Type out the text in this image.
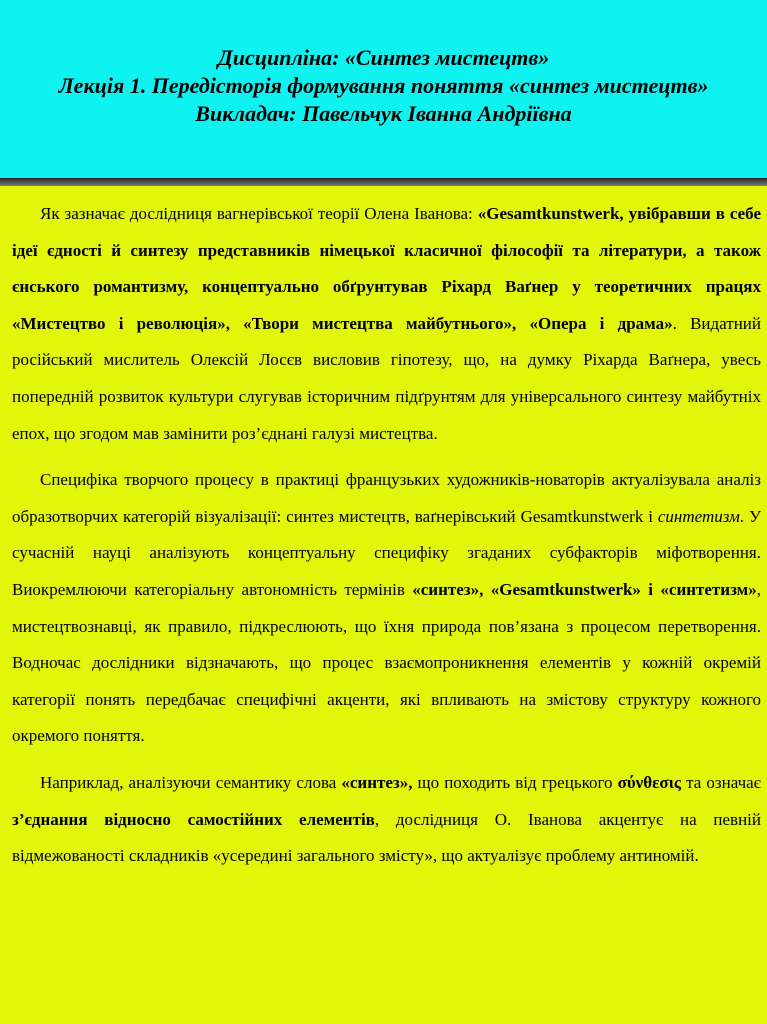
Дисципліна: «Синтез мистецтв»
Лекція 1. Передісторія формування поняття «синтез мистецтв»
Викладач: Павельчук Іванна Андріївна

Як зазначає дослідниця вагнерівської теорії Олена Іванова: «Gesamtkunstwerk, увібравши в себе ідеї єдності й синтезу представників німецької класичної філософії та літератури, а також єнського романтизму, концептуально обґрунтував Ріхард Ваґнер у теоретичних працях «Мистецтво і революція», «Твори мистецтва майбутнього», «Опера і драма». Видатний російський мислитель Олексій Лосєв висловив гіпотезу, що, на думку Ріхарда Ваґнера, увесь попередній розвиток культури слугував історичним підґрунтям для універсального синтезу майбутніх епох, що згодом мав замінити роз’єднані галузі мистецтва.

Специфіка творчого процесу в практиці французьких художників-новаторів актуалізувала аналіз образотворчих категорій візуалізації: синтез мистецтв, ваґнерівський Gesamtkunstwerk і синтетизм. У сучасній науці аналізують концептуальну специфіку згаданих субфакторів міфотворення. Виокремлюючи категоріальну автономність термінів «синтез», «Gesamtkunstwerk» і «синтетизм», мистецтвознавці, як правило, підкреслюють, що їхня природа пов’язана з процесом перетворення. Водночас дослідники відзначають, що процес взаємопроникнення елементів у кожній окремій категорії понять передбачає специфічні акценти, які впливають на змістову структуру кожного окремого поняття.

Наприклад, аналізуючи семантику слова «синтез», що походить від грецького σύνθεσις та означає з’єднання відносно самостійних елементів, дослідниця О. Іванова акцентує на певній відмежованості складників «усередині загального змісту», що актуалізує проблему антиномій.
